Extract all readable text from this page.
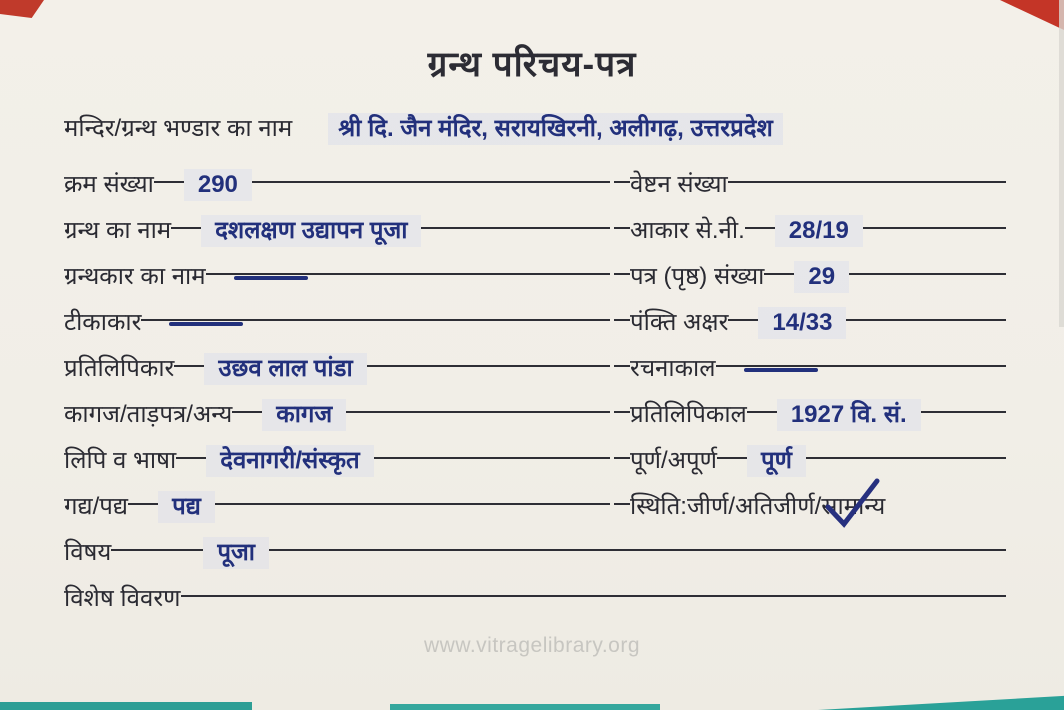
ग्रन्थ परिचय-पत्र
मन्दिर/ग्रन्थ भण्डार का नाम	श्री दि. जैन मंदिर, सरायखिरनी, अलीगढ़, उत्तरप्रदेश
क्रम संख्या	290
ग्रन्थ का नाम	दशलक्षण उद्यापन पूजा
ग्रन्थकार का नाम
टीकाकार
प्रतिलिपिकार	उछव लाल पांडा
कागज/ताड़पत्र/अन्य	कागज
लिपि व भाषा	देवनागरी/संस्कृत
गद्य/पद्य	पद्य
वेष्टन संख्या
आकार से.नी.	28/19
पत्र (पृष्ठ) संख्या	29
पंक्ति अक्षर	14/33
रचनाकाल
प्रतिलिपिकाल	1927 वि. सं.
पूर्ण/अपूर्ण	पूर्ण
स्थिति:जीर्ण/अतिजीर्ण/ सामान्य
विषय	पूजा
विशेष विवरण
www.vitragelibrary.org
